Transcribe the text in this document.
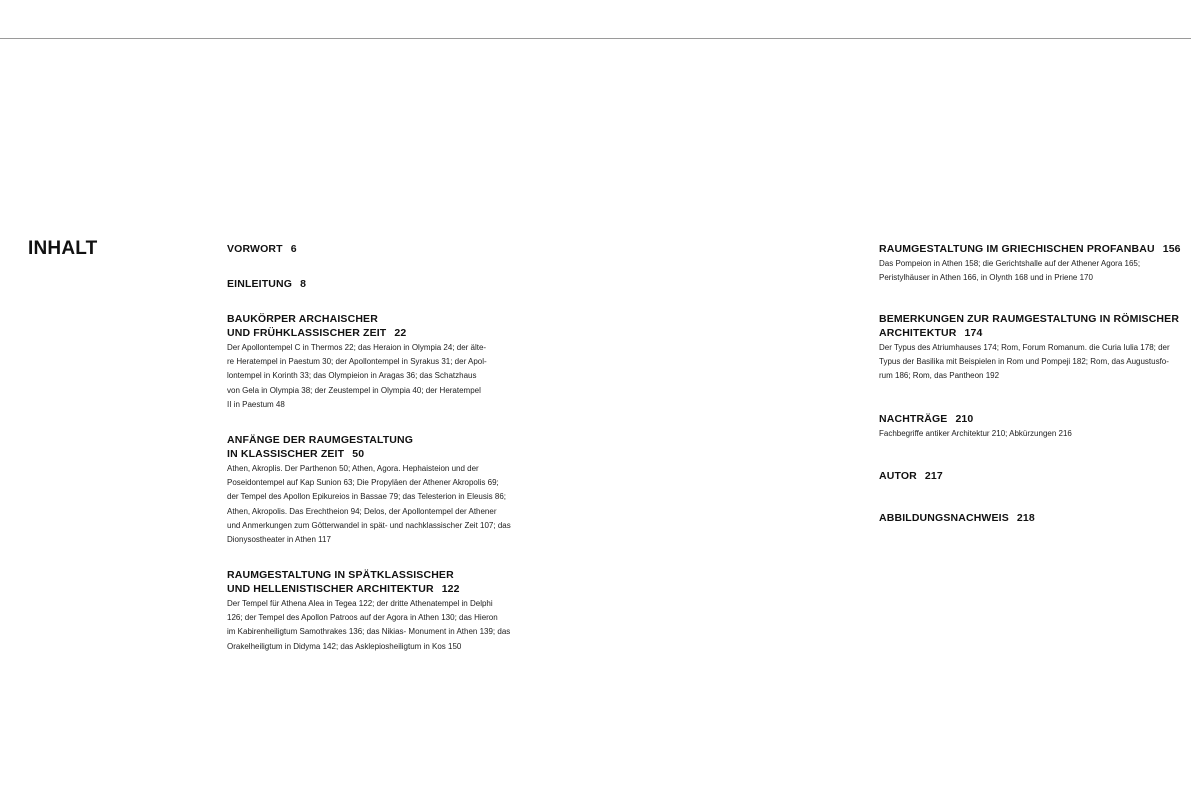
INHALT	VORWORT 6
EINLEITUNG 8
BAUKÖRPER ARCHAISCHER
UND FRÜHKLASSISCHER ZEIT 22
Der Apollontempel C in Thermos 22; das Heraion in Olympia 24; der älte-
re Heratempel in Paestum 30; der Apollontempel in Syrakus 31; der Apol-
lontempel in Korinth 33; das Olympieion in Aragas 36; das Schatzhaus
von Gela in Olympia 38; der Zeustempel in Olympia 40; der Heratempel
II in Paestum 48
ANFÄNGE DER RAUMGESTALTUNG
IN KLASSISCHER ZEIT 50
Athen, Akroplis. Der Parthenon 50; Athen, Agora. Hephaisteion und der
Poseidontempel auf Kap Sunion 63; Die Propyläen der Athener Akropolis 69;
der Tempel des Apollon Epikureios in Bassae 79; das Telesterion in Eleusis 86;
Athen, Akropolis. Das Erechtheion 94; Delos, der Apollontempel der Athener
und Anmerkungen zum Götterwandel in spät- und nachklassischer Zeit 107; das
Dionysostheater in Athen 117
RAUMGESTALTUNG IN SPÄTKLASSISCHER
UND HELLENISTISCHER ARCHITEKTUR 122
Der Tempel für Athena Alea in Tegea 122; der dritte Athenatempel in Delphi
126; der Tempel des Apollon Patroos auf der Agora in Athen 130; das Hieron
im Kabirenheiligtum Samothrakes 136; das Nikias- Monument in Athen 139; das
Orakelheiligtum in Didyma 142; das Asklepiosheiligtum in Kos 150
RAUMGESTALTUNG IM GRIECHISCHEN PROFANBAU 156
Das Pompeion in Athen 158; die Gerichtshalle auf der Athener Agora 165;
Peristylhäuser in Athen 166, in Olynth 168 und in Priene 170
BEMERKUNGEN ZUR RAUMGESTALTUNG IN RÖMISCHER
ARCHITEKTUR 174
Der Typus des Atriumhauses 174; Rom, Forum Romanum. die Curia Iulia 178; der
Typus der Basilika mit Beispielen in Rom und Pompeji 182; Rom, das Augustusfo-
rum 186; Rom, das Pantheon 192
NACHTRÄGE 210
Fachbegriffe antiker Architektur 210; Abkürzungen 216
AUTOR 217
ABBILDUNGSNACHWEIS 218
